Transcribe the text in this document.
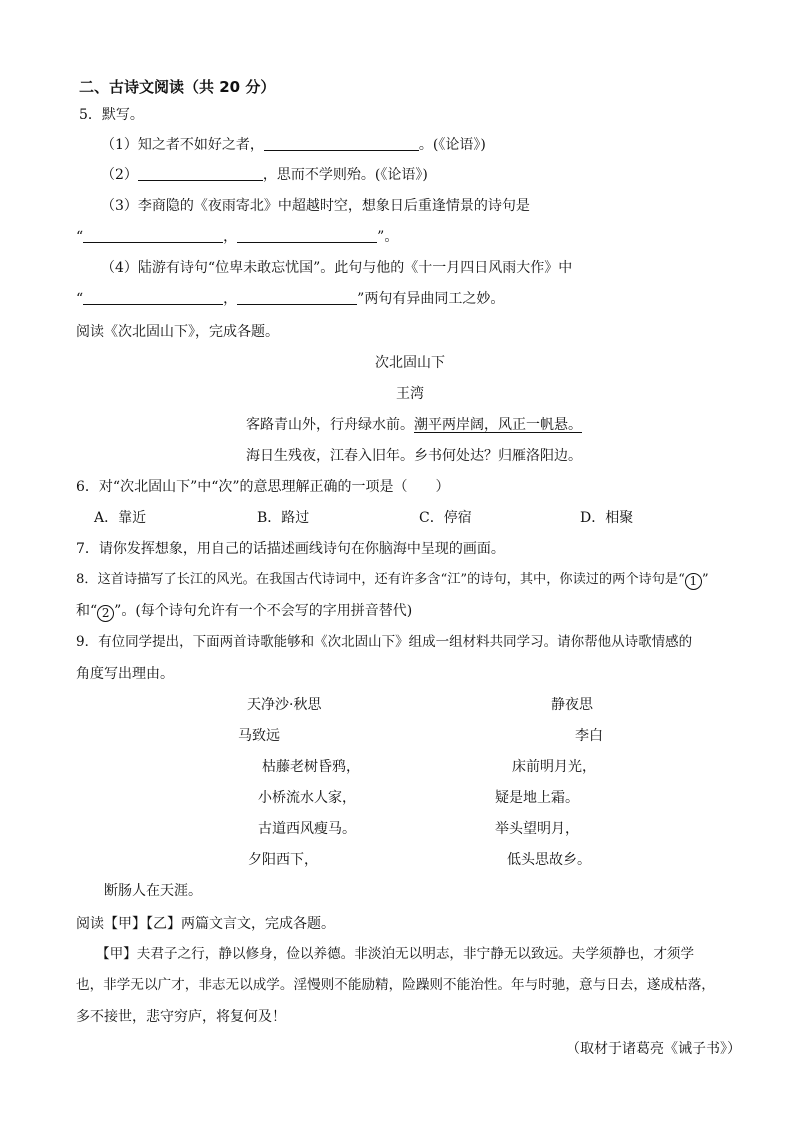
二、古诗文阅读（共 20 分）
5．默写。
（1）知之者不如好之者，	。(《论语》)
（2）	，思而不学则殆。(《论语》)
（3）李商隐的《夜雨寄北》中超越时空，想象日后重逢情景的诗句是
“	，	”。
（4）陆游有诗句“位卑未敢忘忧国”。此句与他的《十一月四日风雨大作》中
“	，	”两句有异曲同工之妙。
阅读《次北固山下》，完成各题。
次北固山下
王湾
客路青山外，行舟绿水前。潮平两岸阔，风正一帆悬。
海日生残夜，江春入旧年。乡书何处达？归雁洛阳边。
6．对“次北固山下”中“次”的意思理解正确的一项是（　　）
A．靠近	B．路过	C．停宿	D．相聚
7．请你发挥想象，用自己的话描述画线诗句在你脑海中呈现的画面。
8．这首诗描写了长江的风光。在我国古代诗词中，还有许多含“江”的诗句，其中，你读过的两个诗句是“ 1 ”
和“ 2 ”。(每个诗句允许有一个不会写的字用拼音替代)
9．有位同学提出，下面两首诗歌能够和《次北固山下》组成一组材料共同学习。请你帮他从诗歌情感的
角度写出理由。
天净沙·秋思
马致远
枯藤老树昏鸦，
小桥流水人家，
古道西风瘦马。
夕阳西下，
断肠人在天涯。
静夜思
李白
床前明月光，
疑是地上霜。
举头望明月，
低头思故乡。
阅读【甲】【乙】两篇文言文，完成各题。
【甲】夫君子之行，静以修身，俭以养德。非淡泊无以明志，非宁静无以致远。夫学须静也，才须学
也，非学无以广才，非志无以成学。淫慢则不能励精，险躁则不能治性。年与时驰，意与日去，遂成枯落，
多不接世，悲守穷庐，将复何及！
（取材于诸葛亮《诫子书》）
